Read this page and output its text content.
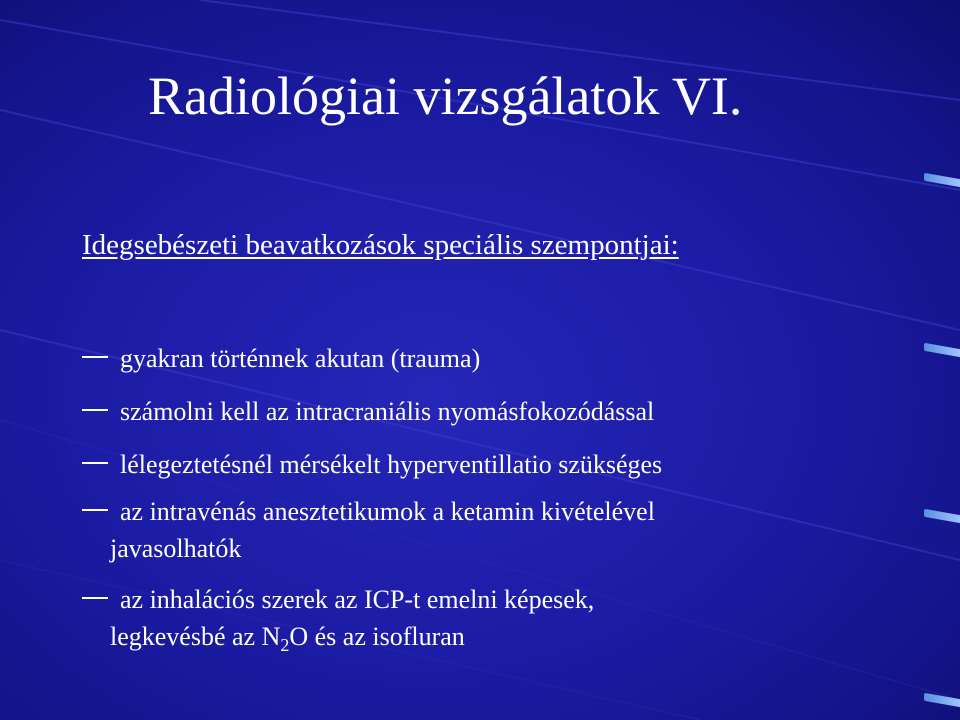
Radiológiai vizsgálatok VI.
Idegsebészeti beavatkozások speciális szempontjai:
gyakran történnek akutan (trauma)
számolni kell az intracraniális nyomásfokozódással
lélegeztetésnél mérsékelt hyperventillatio szükséges
az intravénás anesztetikumok a ketamin kivételével
javasolhatók
az inhalációs szerek az ICP-t emelni képesek,
legkevésbé az $N_2O$ és az isofluran
